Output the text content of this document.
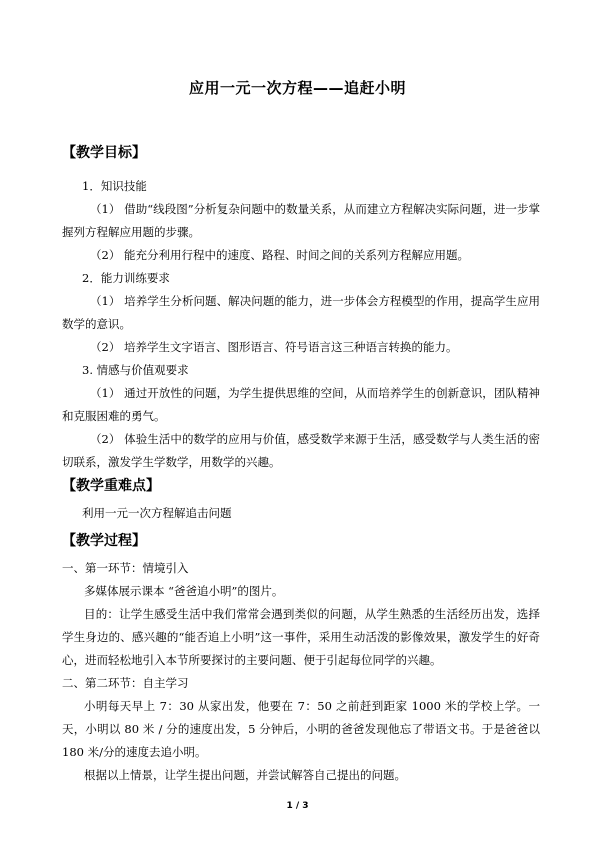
应用一元一次方程——追赶小明
【教学目标】

1．知识技能

（1） 借助“线段图”分析复杂问题中的数量关系，从而建立方程解决实际问题，进一步掌握列方程解应用题的步骤。

（2） 能充分利用行程中的速度、路程、时间之间的关系列方程解应用题。

2．能力训练要求

（1） 培养学生分析问题、解决问题的能力，进一步体会方程模型的作用，提高学生应用数学的意识。

（2） 培养学生文字语言、图形语言、符号语言这三种语言转换的能力。

3. 情感与价值观要求

（1） 通过开放性的问题，为学生提供思维的空间，从而培养学生的创新意识，团队精神和克服困难的勇气。

（2） 体验生活中的数学的应用与价值，感受数学来源于生活，感受数学与人类生活的密切联系，激发学生学数学，用数学的兴趣。

【教学重难点】

利用一元一次方程解追击问题

【教学过程】

一、第一环节：情境引入

多媒体展示课本 “爸爸追小明”的图片。

目的：让学生感受生活中我们常常会遇到类似的问题，从学生熟悉的生活经历出发，选择学生身边的、感兴趣的“能否追上小明”这一事件，采用生动活泼的影像效果，激发学生的好奇心，进而轻松地引入本节所要探讨的主要问题、便于引起每位同学的兴趣。

二、第二环节：自主学习

小明每天早上 7：30 从家出发，他要在 7：50 之前赶到距家 1000 米的学校上学。一天，小明以 80 米 / 分的速度出发，5 分钟后，小明的爸爸发现他忘了带语文书。于是爸爸以 180 米/分的速度去追小明。

根据以上情景，让学生提出问题，并尝试解答自己提出的问题。

1 / 3
